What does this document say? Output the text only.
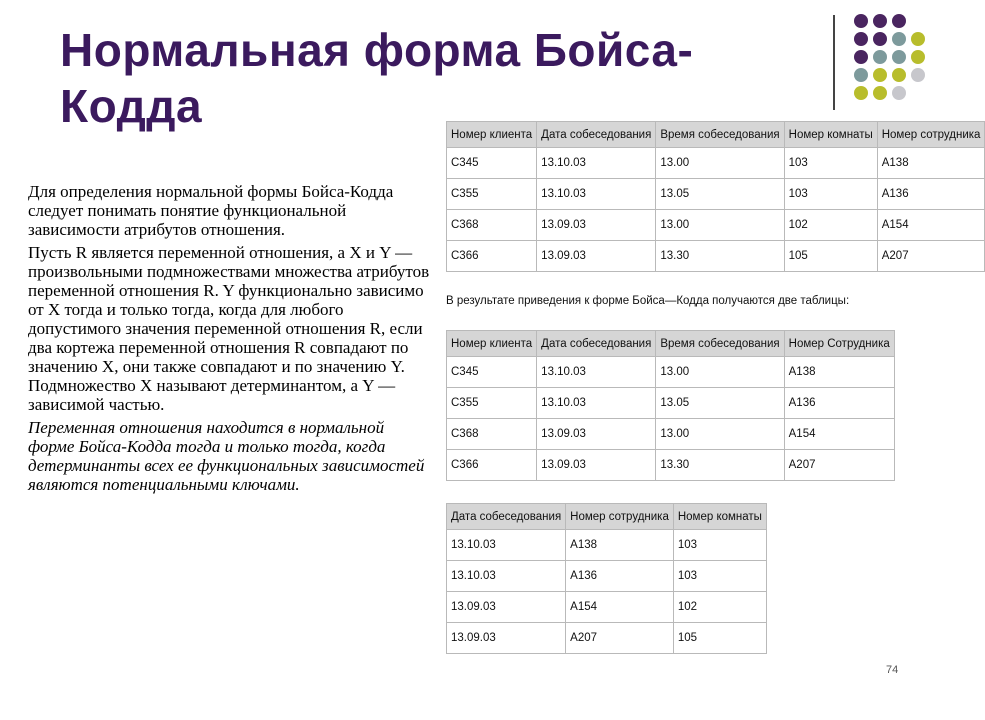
Нормальная форма Бойса-
Кодда

Для определения нормальной формы Бойса-Кодда следует понимать понятие функциональной зависимости атрибутов отношения.

Пусть R является переменной отношения, а X и Y — произвольными подмножествами множества атрибутов переменной отношения R. Y функционально зависимо от X тогда и только тогда, когда для любого допустимого значения переменной отношения R, если два кортежа переменной отношения R совпадают по значению X, они также совпадают и по значению Y. Подмножество X называют детерминантом, а Y — зависимой частью.

Переменная отношения находится в нормальной форме Бойса-Кодда тогда и только тогда, когда детерминанты всех ее функциональных зависимостей являются потенциальными ключами.

Номер клиента	Дата собеседования	Время собеседования	Номер комнаты	Номер сотрудника
C345	13.10.03	13.00	103	A138
C355	13.10.03	13.05	103	A136
C368	13.09.03	13.00	102	A154
C366	13.09.03	13.30	105	A207
В результате приведения к форме Бойса—Кодда получаются две таблицы:
Номер клиента	Дата собеседования	Время собеседования	Номер Сотрудника
C345	13.10.03	13.00	A138
C355	13.10.03	13.05	A136
C368	13.09.03	13.00	A154
C366	13.09.03	13.30	A207
Дата собеседования	Номер сотрудника	Номер комнаты
13.10.03	A138	103
13.10.03	A136	103
13.09.03	A154	102
13.09.03	A207	105
74
